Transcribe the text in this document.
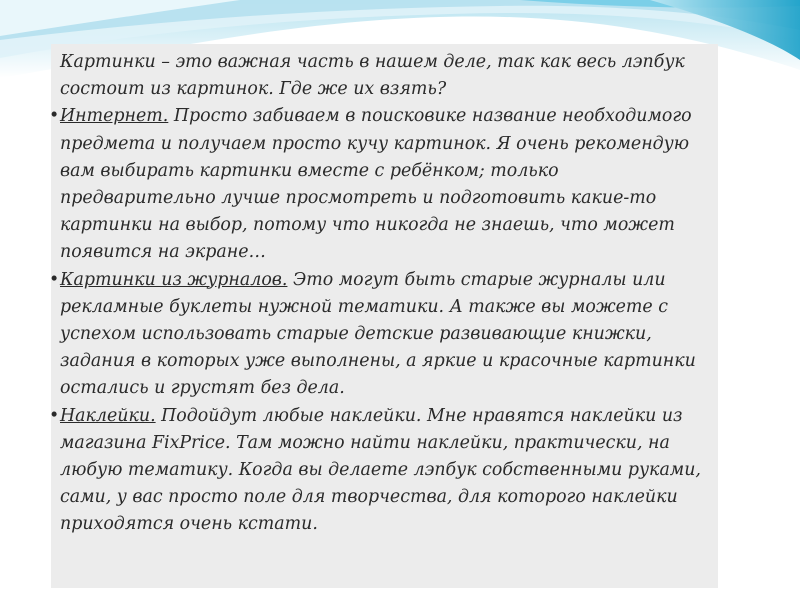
Картинки – это важная часть в нашем деле, так как весь лэпбук состоит из картинок. Где же их взять?

• Интернет. Просто забиваем в поисковике название необходимого предмета и получаем просто кучу картинок. Я очень рекомендую вам выбирать картинки вместе с ребёнком; только предварительно лучше просмотреть и подготовить какие-то картинки на выбор, потому что никогда не знаешь, что может появится на экране…

• Картинки из журналов. Это могут быть старые журналы или рекламные буклеты нужной тематики. А также вы можете с успехом использовать старые детские развивающие книжки, задания в которых уже выполнены, а яркие и красочные картинки остались и грустят без дела.

• Наклейки. Подойдут любые наклейки. Мне нравятся наклейки из магазина FixPrice. Там можно найти наклейки, практически, на любую тематику. Когда вы делаете лэпбук собственными руками, сами, у вас просто поле для творчества, для которого наклейки приходятся очень кстати.
